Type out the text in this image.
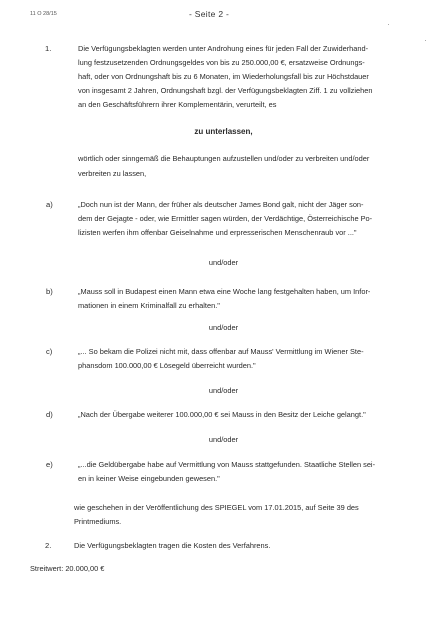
11 O 28/15	- Seite 2 -
1.	Die Verfügungsbeklagten werden unter Androhung eines für jeden Fall der Zuwiderhand-
lung festzusetzenden Ordnungsgeldes von bis zu 250.000,00 €, ersatzweise Ordnungs-
haft, oder von Ordnungshaft bis zu 6 Monaten, im Wiederholungsfall bis zur Höchstdauer
von insgesamt 2 Jahren, Ordnungshaft bzgl. der Verfügungsbeklagten Ziff. 1 zu vollziehen
an den Geschäftsführern ihrer Komplementärin, verurteilt, es
zu unterlassen,
wörtlich oder sinngemäß die Behauptungen aufzustellen und/oder zu verbreiten und/oder
verbreiten zu lassen,
a)	„Doch nun ist der Mann, der früher als deutscher James Bond galt, nicht der Jäger son-
dem der Gejagte - oder, wie Ermittler sagen würden, der Verdächtige, Österreichische Po-
lizisten werfen ihm offenbar Geiselnahme und erpresserischen Menschenraub vor ..."
und/oder
b)	„Mauss soll in Budapest einen Mann etwa eine Woche lang festgehalten haben, um Infor-
mationen in einem Kriminalfall zu erhalten."
und/oder
c)	„... So bekam die Polizei nicht mit, dass offenbar auf Mauss' Vermittlung im Wiener Ste-
phansdom 100.000,00 € Lösegeld überreicht wurden."
und/oder
d)	„Nach der Übergabe weiterer 100.000,00 € sei Mauss in den Besitz der Leiche gelangt."
und/oder
e)	„...die Geldübergabe habe auf Vermittlung von Mauss stattgefunden. Staatliche Stellen sei-
en in keiner Weise eingebunden gewesen."
wie geschehen in der Veröffentlichung des SPIEGEL vom 17.01.2015, auf Seite 39 des
Printmediums.
2.	Die Verfügungsbeklagten tragen die Kosten des Verfahrens.
Streitwert: 20.000,00 €
